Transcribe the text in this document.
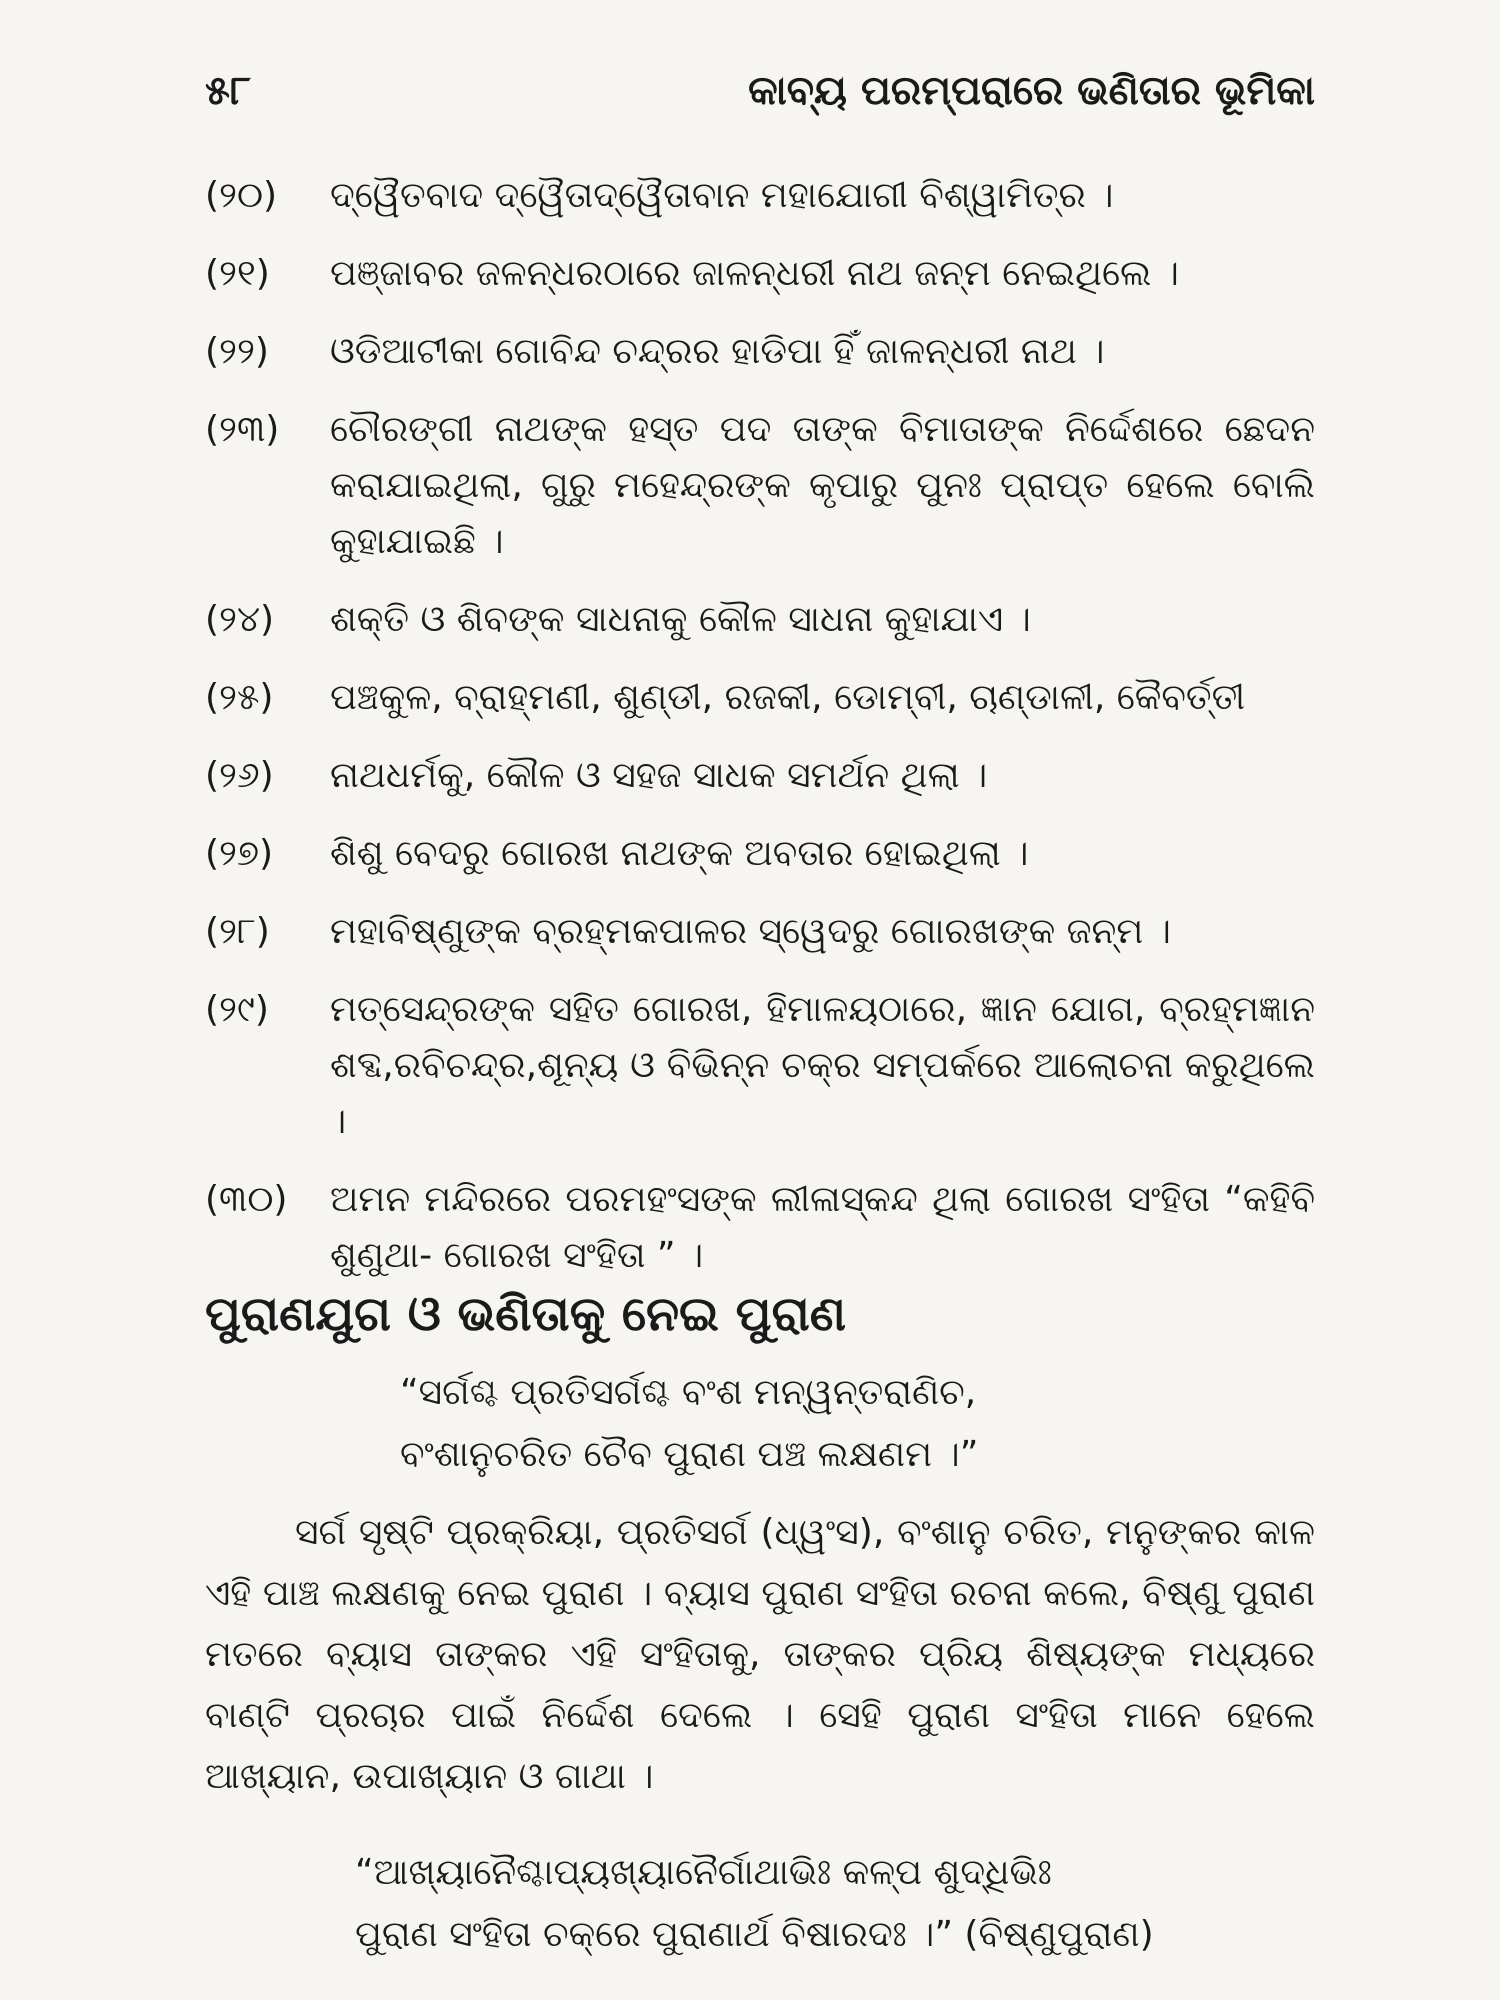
୫୮	କାବ୍ୟ ପରମ୍ପରାରେ ଭଣିତାର ଭୂମିକା
(୨୦)	ଦ୍ୱୈତବାଦ ଦ୍ୱୈତାଦ୍ୱୈତାବାନ ମହାଯୋଗୀ ବିଶ୍ୱାମିତ୍ର ।
(୨୧)	ପଞ୍ଜାବର ଜଳନ୍ଧରଠାରେ ଜାଳନ୍ଧରୀ ନାଥ ଜନ୍ମ ନେଇଥିଲେ ।
(୨୨)	ଓଡିଆଟୀକା ଗୋବିନ୍ଦ ଚନ୍ଦ୍ରର ହାଡିପା ହିଁ ଜାଳନ୍ଧରୀ ନାଥ ।
(୨୩)	ଚୌରଙ୍ଗୀ ନାଥଙ୍କ ହସ୍ତ ପଦ ତାଙ୍କ ବିମାତାଙ୍କ ନିର୍ଦ୍ଦେଶରେ ଛେଦନ କରାଯାଇଥିଲା, ଗୁରୁ ମହେନ୍ଦ୍ରଙ୍କ କୃପାରୁ ପୁନଃ ପ୍ରାପ୍ତ ହେଲେ ବୋଲି କୁହାଯାଇଛି ।
(୨୪)	ଶକ୍ତି ଓ ଶିବଙ୍କ ସାଧନାକୁ କୌଳ ସାଧନା କୁହାଯାଏ ।
(୨୫)	ପଞ୍ଚକୁଳ, ବ୍ରାହ୍ମଣୀ, ଶୁଣ୍ଡୀ, ରଜକୀ, ଡୋମ୍ବୀ, ଚାଣ୍ଡାଳୀ, କୈବର୍ତ୍ତୀ
(୨୬)	ନାଥଧର୍ମକୁ, କୌଳ ଓ ସହଜ ସାଧକ ସମର୍ଥନ ଥିଲା ।
(୨୭)	ଶିଶୁ ବେଦରୁ ଗୋରଖ ନାଥଙ୍କ ଅବତାର ହୋଇଥିଲା ।
(୨୮)	ମହାବିଷ୍ଣୁଙ୍କ ବ୍ରହ୍ମକପାଳର ସ୍ୱେଦରୁ ଗୋରଖଙ୍କ ଜନ୍ମ ।
(୨୯)	ମତ୍ସେନ୍ଦ୍ରଙ୍କ ସହିତ ଗୋରଖ, ହିମାଳୟଠାରେ, ଜ୍ଞାନ ଯୋଗ, ବ୍ରହ୍ମଜ୍ଞାନ ଶବ୍ଦ,ରବିଚନ୍ଦ୍ର,ଶୂନ୍ୟ ଓ ବିଭିନ୍ନ ଚକ୍ର ସମ୍ପର୍କରେ ଆଲୋଚନା କରୁଥିଲେ ।
(୩୦)	ଅମନ ମନ୍ଦିରରେ ପରମହଂସଙ୍କ ଲୀଳାସ୍କନ୍ଦ ଥିଲା ଗୋରଖ ସଂହିତା “କହିବି ଶୁଣୁଥା- ଗୋରଖ ସଂହିତା ” ।
ପୁରାଣଯୁଗ ଓ ଭଣିତାକୁ ନେଇ ପୁରାଣ
“ସର୍ଗଶ୍ଚ ପ୍ରତିସର୍ଗଶ୍ଚ ବଂଶ ମନ୍ୱନ୍ତରାଣିଚ,
ବଂଶାନୁଚରିତ ଚୈବ ପୁରାଣ ପଞ୍ଚ ଲକ୍ଷଣମ ।”
ସର୍ଗ ସୃଷ୍ଟି ପ୍ରକ୍ରିୟା, ପ୍ରତିସର୍ଗ (ଧ୍ୱଂସ), ବଂଶାନୁ ଚରିତ, ମନୁଙ୍କର କାଳ ଏହି ପାଞ୍ଚ ଲକ୍ଷଣକୁ ନେଇ ପୁରାଣ । ବ୍ୟାସ ପୁରାଣ ସଂହିତା ରଚନା କଲେ, ବିଷ୍ଣୁ ପୁରାଣ ମତରେ ବ୍ୟାସ ତାଙ୍କର ଏହି ସଂହିତାକୁ, ତାଙ୍କର ପ୍ରିୟ ଶିଷ୍ୟଙ୍କ ମଧ୍ୟରେ ବାଣ୍ଟି ପ୍ରଚାର ପାଇଁ ନିର୍ଦ୍ଦେଶ ଦେଲେ । ସେହି ପୁରାଣ ସଂହିତା ମାନେ ହେଲେ ଆଖ୍ୟାନ, ଉପାଖ୍ୟାନ ଓ ଗାଥା ।
“ଆଖ୍ୟାନୈଶ୍ଚାପ୍ୟଖ୍ୟାନୈର୍ଗାଥାଭିଃ କଳ୍ପ ଶୁଦ୍ଧିଭିଃ
ପୁରାଣ ସଂହିତା ଚକ୍ରେ ପୁରାଣାର୍ଥ ବିଷାରଦଃ ।” (ବିଷ୍ଣୁପୁରାଣ)
